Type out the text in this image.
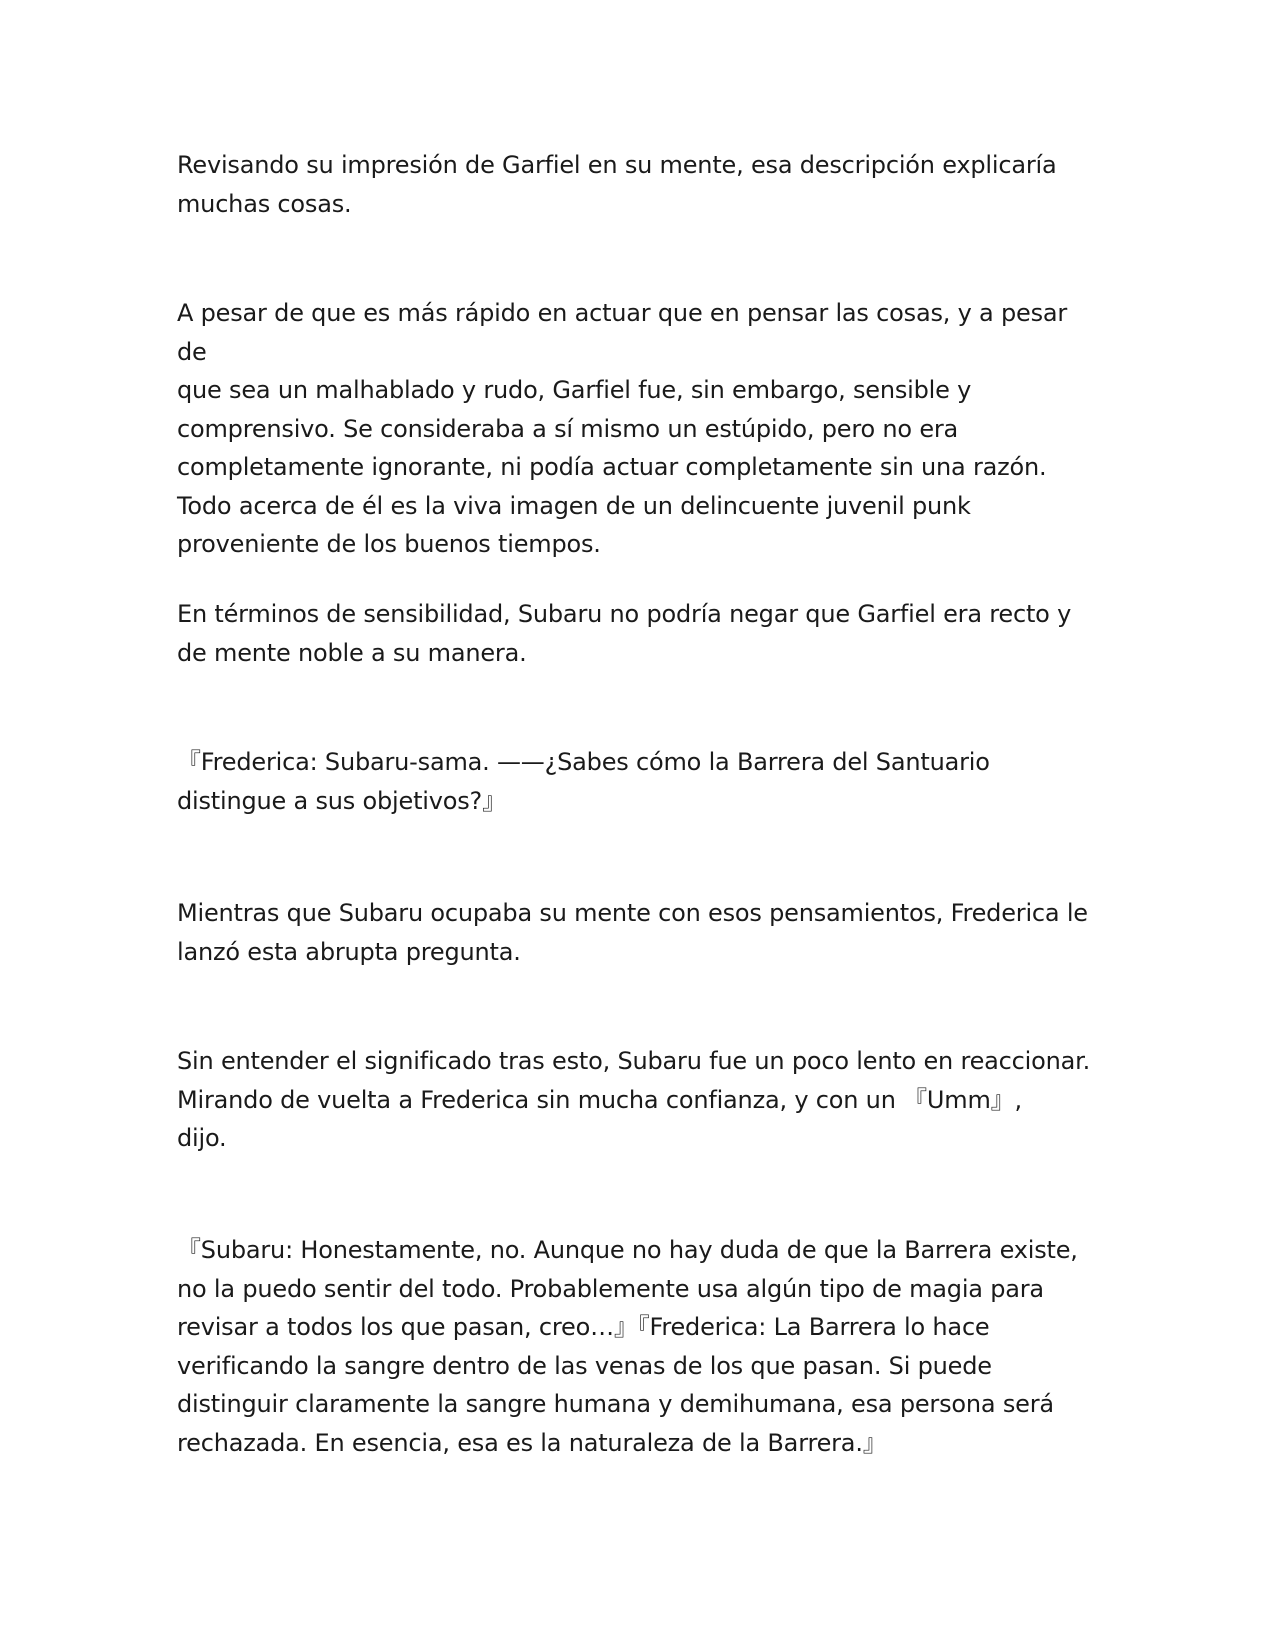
Revisando su impresión de Garfiel en su mente, esa descripción explicaría
muchas cosas.

A pesar de que es más rápido en actuar que en pensar las cosas, y a pesar de
que sea un malhablado y rudo, Garfiel fue, sin embargo, sensible y
comprensivo. Se consideraba a sí mismo un estúpido, pero no era
completamente ignorante, ni podía actuar completamente sin una razón.
Todo acerca de él es la viva imagen de un delincuente juvenil punk
proveniente de los buenos tiempos.

En términos de sensibilidad, Subaru no podría negar que Garfiel era recto y
de mente noble a su manera.

『Frederica: Subaru-sama. ——¿Sabes cómo la Barrera del Santuario
distingue a sus objetivos?』

Mientras que Subaru ocupaba su mente con esos pensamientos, Frederica le
lanzó esta abrupta pregunta.

Sin entender el significado tras esto, Subaru fue un poco lento en reaccionar.
Mirando de vuelta a Frederica sin mucha confianza, y con un 『Umm』,
dijo.

『Subaru: Honestamente, no. Aunque no hay duda de que la Barrera existe,
no la puedo sentir del todo. Probablemente usa algún tipo de magia para
revisar a todos los que pasan, creo…』『Frederica: La Barrera lo hace
verificando la sangre dentro de las venas de los que pasan. Si puede
distinguir claramente la sangre humana y demihumana, esa persona será
rechazada. En esencia, esa es la naturaleza de la Barrera.』
